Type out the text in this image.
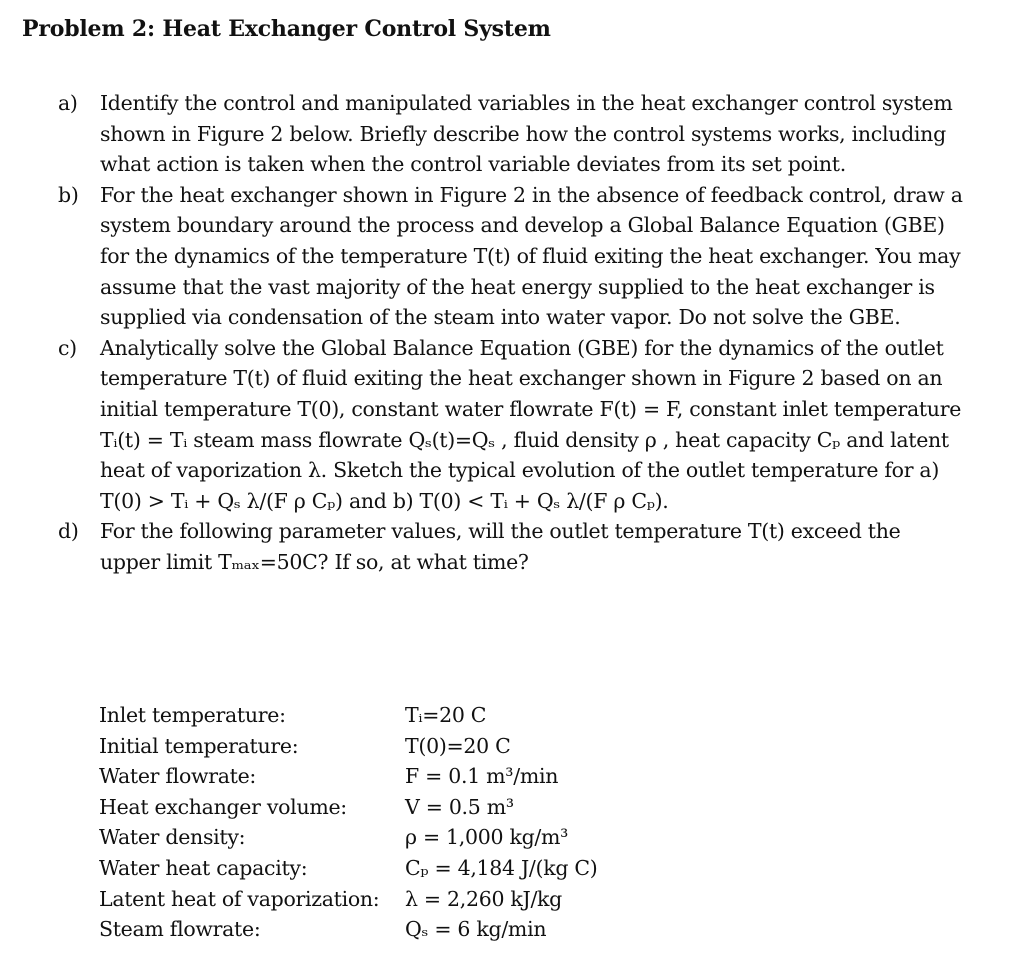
Problem 2: Heat Exchanger Control System
a)	Identify the control and manipulated variables in the heat exchanger control system shown in Figure 2 below. Briefly describe how the control systems works, including what action is taken when the control variable deviates from its set point.
b)	For the heat exchanger shown in Figure 2 in the absence of feedback control, draw a system boundary around the process and develop a Global Balance Equation (GBE) for the dynamics of the temperature T(t) of fluid exiting the heat exchanger. You may assume that the vast majority of the heat energy supplied to the heat exchanger is supplied via condensation of the steam into water vapor. Do not solve the GBE.
c)	Analytically solve the Global Balance Equation (GBE) for the dynamics of the outlet temperature T(t) of fluid exiting the heat exchanger shown in Figure 2 based on an initial temperature T(0), constant water flowrate F(t) = F, constant inlet temperature Tᵢ(t) = Tᵢ steam mass flowrate Qₛ(t)=Qₛ , fluid density ρ , heat capacity Cₚ and latent heat of vaporization λ. Sketch the typical evolution of the outlet temperature for a) T(0) > Tᵢ + Qₛ λ/(F ρ Cₚ) and b) T(0) < Tᵢ + Qₛ λ/(F ρ Cₚ).
d)	For the following parameter values, will the outlet temperature T(t) exceed the upper limit Tₘₐₓ=50C? If so, at what time?
Inlet temperature:	Tᵢ=20 C
Initial temperature:	T(0)=20 C
Water flowrate:	F = 0.1 m³/min
Heat exchanger volume:	V = 0.5 m³
Water density:	ρ = 1,000 kg/m³
Water heat capacity:	Cₚ = 4,184 J/(kg C)
Latent heat of vaporization:	λ = 2,260 kJ/kg
Steam flowrate:	Qₛ = 6 kg/min
